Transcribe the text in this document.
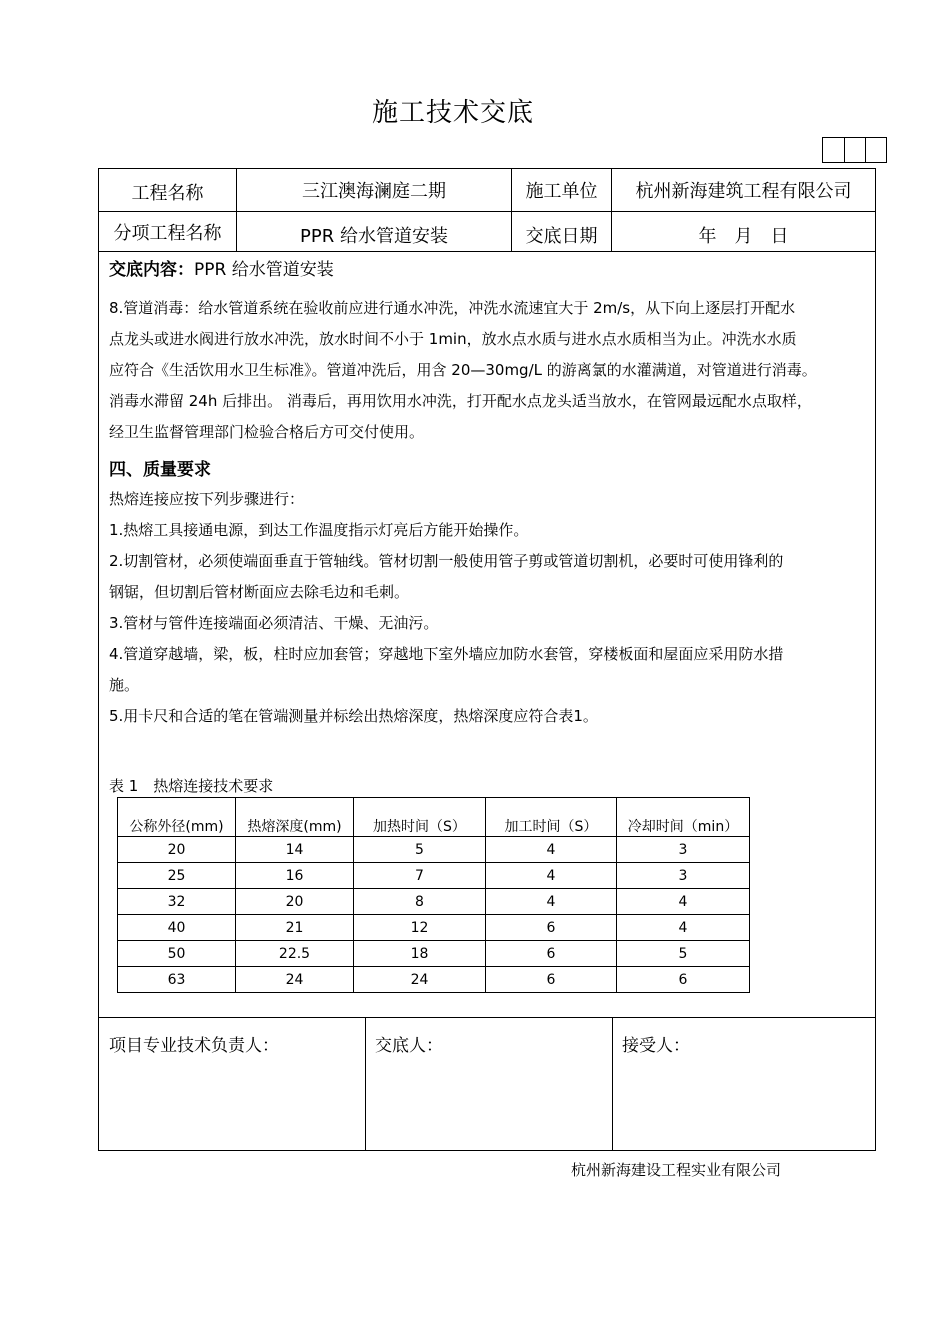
施工技术交底
工程名称	三江澳海澜庭二期	施工单位	杭州新海建筑工程有限公司
分项工程名称	PPR 给水管道安装	交底日期	年　月　日
交底内容：PPR 给水管道安装

8.管道消毒：给水管道系统在验收前应进行通水冲洗，冲洗水流速宜大于 2m/s，从下向上逐层打开配水

点龙头或进水阀进行放水冲洗，放水时间不小于 1min，放水点水质与进水点水质相当为止。冲洗水水质

应符合《生活饮用水卫生标准》。管道冲洗后，用含 20—30mg/L 的游离氯的水灌满道，对管道进行消毒。

消毒水滞留 24h 后排出。 消毒后，再用饮用水冲洗，打开配水点龙头适当放水，在管网最远配水点取样，

经卫生监督管理部门检验合格后方可交付使用。

四、质量要求

热熔连接应按下列步骤进行：

1.热熔工具接通电源，到达工作温度指示灯亮后方能开始操作。

2.切割管材，必须使端面垂直于管轴线。管材切割一般使用管子剪或管道切割机，必要时可使用锋利的

钢锯，但切割后管材断面应去除毛边和毛刺。

3.管材与管件连接端面必须清洁、干燥、无油污。

4.管道穿越墙，梁，板，柱时应加套管；穿越地下室外墙应加防水套管，穿楼板面和屋面应采用防水措

施。

5.用卡尺和合适的笔在管端测量并标绘出热熔深度，热熔深度应符合表1。

表 1　热熔连接技术要求
公称外径(mm)	热熔深度(mm)	加热时间（S）	加工时间（S）	冷却时间（min）
20	14	5	4	3
25	16	7	4	3
32	20	8	4	4
40	21	12	6	4
50	22.5	18	6	5
63	24	24	6	6
项目专业技术负责人：	交底人：	接受人：
杭州新海建设工程实业有限公司
